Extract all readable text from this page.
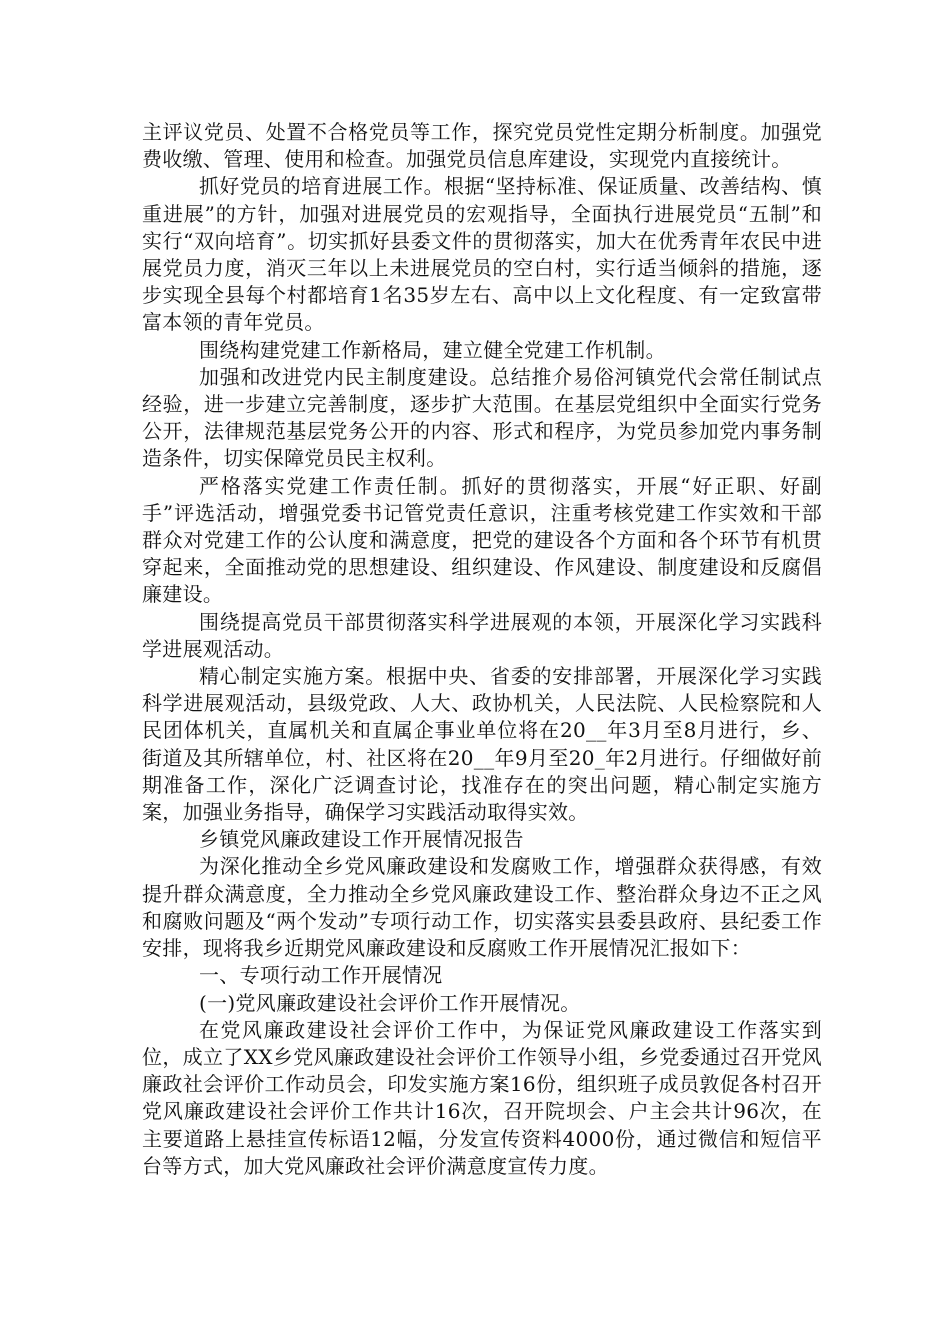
主评议党员、处置不合格党员等工作，探究党员党性定期分析制度。加强党费收缴、管理、使用和检查。加强党员信息库建设，实现党内直接统计。

抓好党员的培育进展工作。根据“坚持标准、保证质量、改善结构、慎重进展”的方针，加强对进展党员的宏观指导，全面执行进展党员“五制”和实行“双向培育”。切实抓好县委文件的贯彻落实，加大在优秀青年农民中进展党员力度，消灭三年以上未进展党员的空白村，实行适当倾斜的措施，逐步实现全县每个村都培育1名35岁左右、高中以上文化程度、有一定致富带富本领的青年党员。

围绕构建党建工作新格局，建立健全党建工作机制。

加强和改进党内民主制度建设。总结推介易俗河镇党代会常任制试点经验，进一步建立完善制度，逐步扩大范围。在基层党组织中全面实行党务公开，法律规范基层党务公开的内容、形式和程序，为党员参加党内事务制造条件，切实保障党员民主权利。

严格落实党建工作责任制。抓好的贯彻落实，开展“好正职、好副手”评选活动，增强党委书记管党责任意识，注重考核党建工作实效和干部群众对党建工作的公认度和满意度，把党的建设各个方面和各个环节有机贯穿起来，全面推动党的思想建设、组织建设、作风建设、制度建设和反腐倡廉建设。

围绕提高党员干部贯彻落实科学进展观的本领，开展深化学习实践科学进展观活动。

精心制定实施方案。根据中央、省委的安排部署，开展深化学习实践科学进展观活动，县级党政、人大、政协机关，人民法院、人民检察院和人民团体机关，直属机关和直属企事业单位将在20__年3月至8月进行，乡、街道及其所辖单位，村、社区将在20__年9月至20_年2月进行。仔细做好前期准备工作，深化广泛调查讨论，找准存在的突出问题，精心制定实施方案，加强业务指导，确保学习实践活动取得实效。

乡镇党风廉政建设工作开展情况报告

为深化推动全乡党风廉政建设和发腐败工作，增强群众获得感，有效提升群众满意度，全力推动全乡党风廉政建设工作、整治群众身边不正之风和腐败问题及“两个发动”专项行动工作，切实落实县委县政府、县纪委工作安排，现将我乡近期党风廉政建设和反腐败工作开展情况汇报如下：

一、专项行动工作开展情况

(一)党风廉政建设社会评价工作开展情况。

在党风廉政建设社会评价工作中，为保证党风廉政建设工作落实到位，成立了XX乡党风廉政建设社会评价工作领导小组，乡党委通过召开党风廉政社会评价工作动员会，印发实施方案16份，组织班子成员敦促各村召开党风廉政建设社会评价工作共计16次，召开院坝会、户主会共计96次，在主要道路上悬挂宣传标语12幅，分发宣传资料4000份，通过微信和短信平台等方式，加大党风廉政社会评价满意度宣传力度。
